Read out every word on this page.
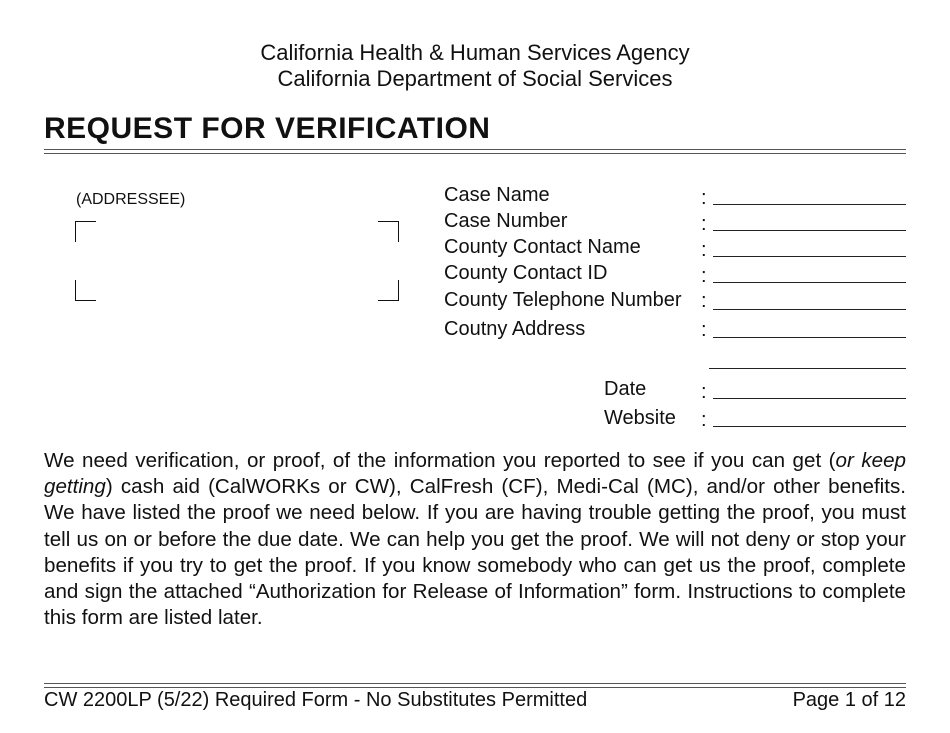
California Health & Human Services Agency
California Department of Social Services
REQUEST FOR VERIFICATION
(ADDRESSEE)	Case Name	:
Case Number	:
County Contact Name	:
County Contact ID	:
County Telephone Number :
Coutny Address	:
Date	:
Website :
We need verification, or proof, of the information you reported to see if you can get (or keep getting) cash aid (CalWORKs or CW), CalFresh (CF), Medi-Cal (MC), and/or other benefits. We have listed the proof we need below. If you are having trouble getting the proof, you must tell us on or before the due date. We can help you get the proof. We will not deny or stop your benefits if you try to get the proof. If you know somebody who can get us the proof, complete and sign the attached “Authorization for Release of Information” form. Instructions to complete this form are listed later.
CW 2200LP (5/22) Required Form - No Substitutes Permitted	Page 1 of 12
